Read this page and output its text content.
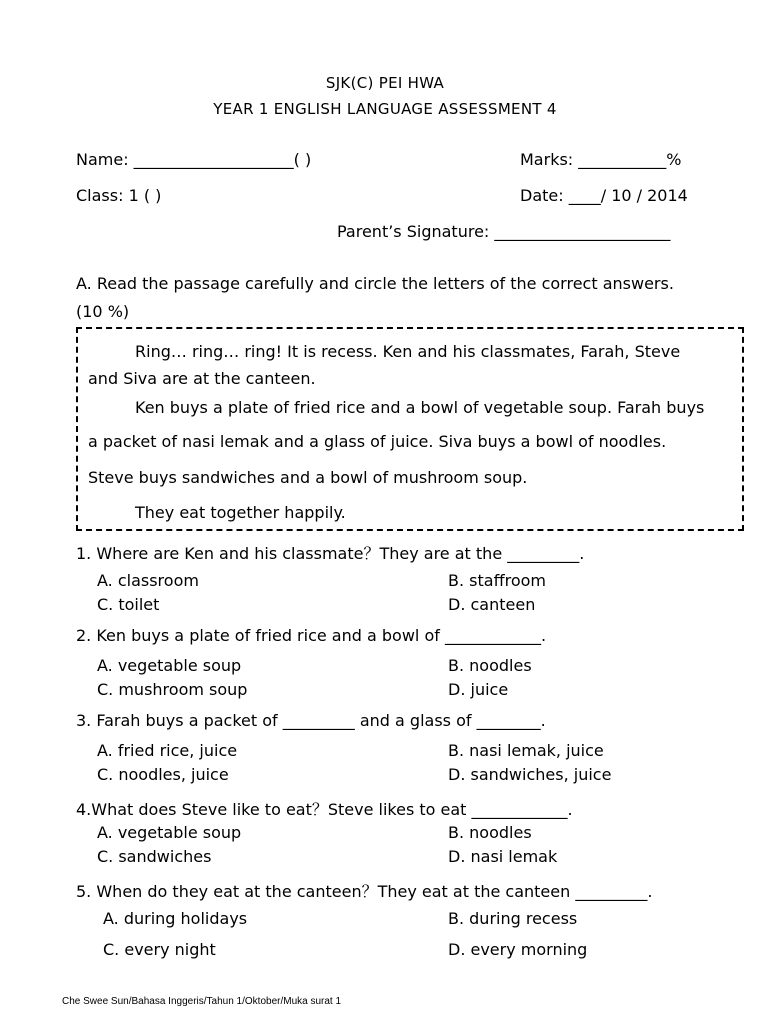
SJK(C) PEI HWA
YEAR 1 ENGLISH LANGUAGE ASSESSMENT 4
Name: ____________________( )	Marks: ___________%
Class: 1 ( )	Date: ____/ 10 / 2014
Parent’s Signature: ______________________
A. Read the passage carefully and circle the letters of the correct answers.
(10 %)
Ring… ring… ring! It is recess. Ken and his classmates, Farah, Steve
and Siva are at the canteen.
Ken buys a plate of fried rice and a bowl of vegetable soup. Farah buys
a packet of nasi lemak and a glass of juice. Siva buys a bowl of noodles.
Steve buys sandwiches and a bowl of mushroom soup.
They eat together happily.
1. Where are Ken and his classmate？They are at the _________.
A. classroom	B. staffroom
C. toilet	D. canteen
2. Ken buys a plate of fried rice and a bowl of ____________.
A. vegetable soup	B. noodles
C. mushroom soup	D. juice
3. Farah buys a packet of _________ and a glass of ________.
A. fried rice, juice	B. nasi lemak, juice
C. noodles, juice	D. sandwiches, juice
4.What does Steve like to eat？Steve likes to eat ____________.
A. vegetable soup	B. noodles
C. sandwiches	D. nasi lemak
5. When do they eat at the canteen？They eat at the canteen _________.
A. during holidays	B. during recess
C. every night	D. every morning
Che Swee Sun/Bahasa Inggeris/Tahun 1/Oktober/Muka surat 1
